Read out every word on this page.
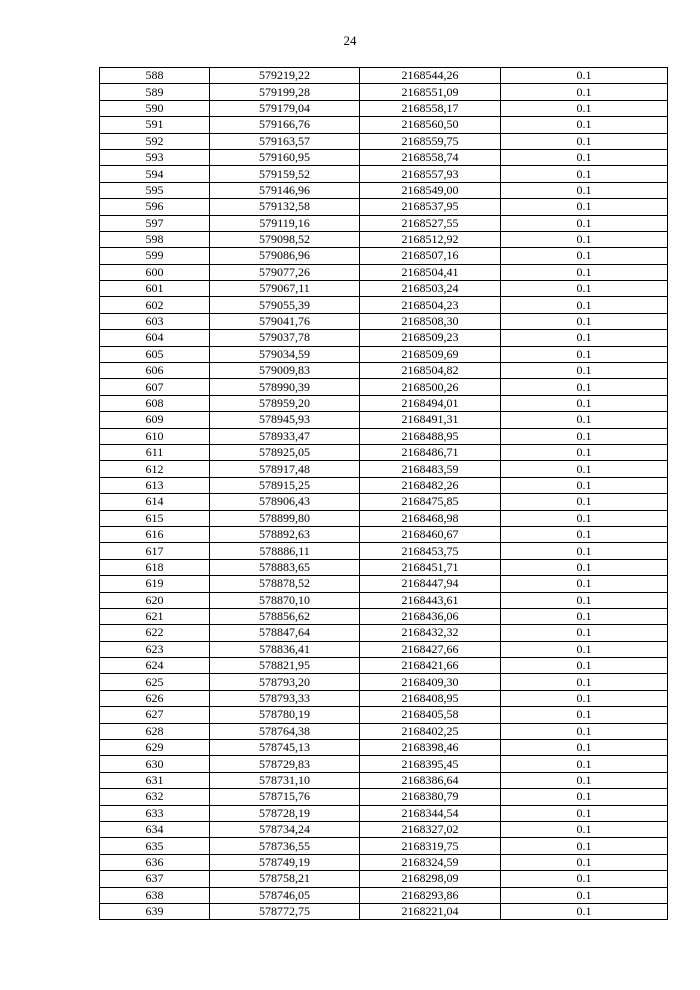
24
588	579219,22	2168544,26	0.1
589	579199,28	2168551,09	0.1
590	579179,04	2168558,17	0.1
591	579166,76	2168560,50	0.1
592	579163,57	2168559,75	0.1
593	579160,95	2168558,74	0.1
594	579159,52	2168557,93	0.1
595	579146,96	2168549,00	0.1
596	579132,58	2168537,95	0.1
597	579119,16	2168527,55	0.1
598	579098,52	2168512,92	0.1
599	579086,96	2168507,16	0.1
600	579077,26	2168504,41	0.1
601	579067,11	2168503,24	0.1
602	579055,39	2168504,23	0.1
603	579041,76	2168508,30	0.1
604	579037,78	2168509,23	0.1
605	579034,59	2168509,69	0.1
606	579009,83	2168504,82	0.1
607	578990,39	2168500,26	0.1
608	578959,20	2168494,01	0.1
609	578945,93	2168491,31	0.1
610	578933,47	2168488,95	0.1
611	578925,05	2168486,71	0.1
612	578917,48	2168483,59	0.1
613	578915,25	2168482,26	0.1
614	578906,43	2168475,85	0.1
615	578899,80	2168468,98	0.1
616	578892,63	2168460,67	0.1
617	578886,11	2168453,75	0.1
618	578883,65	2168451,71	0.1
619	578878,52	2168447,94	0.1
620	578870,10	2168443,61	0.1
621	578856,62	2168436,06	0.1
622	578847,64	2168432,32	0.1
623	578836,41	2168427,66	0.1
624	578821,95	2168421,66	0.1
625	578793,20	2168409,30	0.1
626	578793,33	2168408,95	0.1
627	578780,19	2168405,58	0.1
628	578764,38	2168402,25	0.1
629	578745,13	2168398,46	0.1
630	578729,83	2168395,45	0.1
631	578731,10	2168386,64	0.1
632	578715,76	2168380,79	0.1
633	578728,19	2168344,54	0.1
634	578734,24	2168327,02	0.1
635	578736,55	2168319,75	0.1
636	578749,19	2168324,59	0.1
637	578758,21	2168298,09	0.1
638	578746,05	2168293,86	0.1
639	578772,75	2168221,04	0.1
